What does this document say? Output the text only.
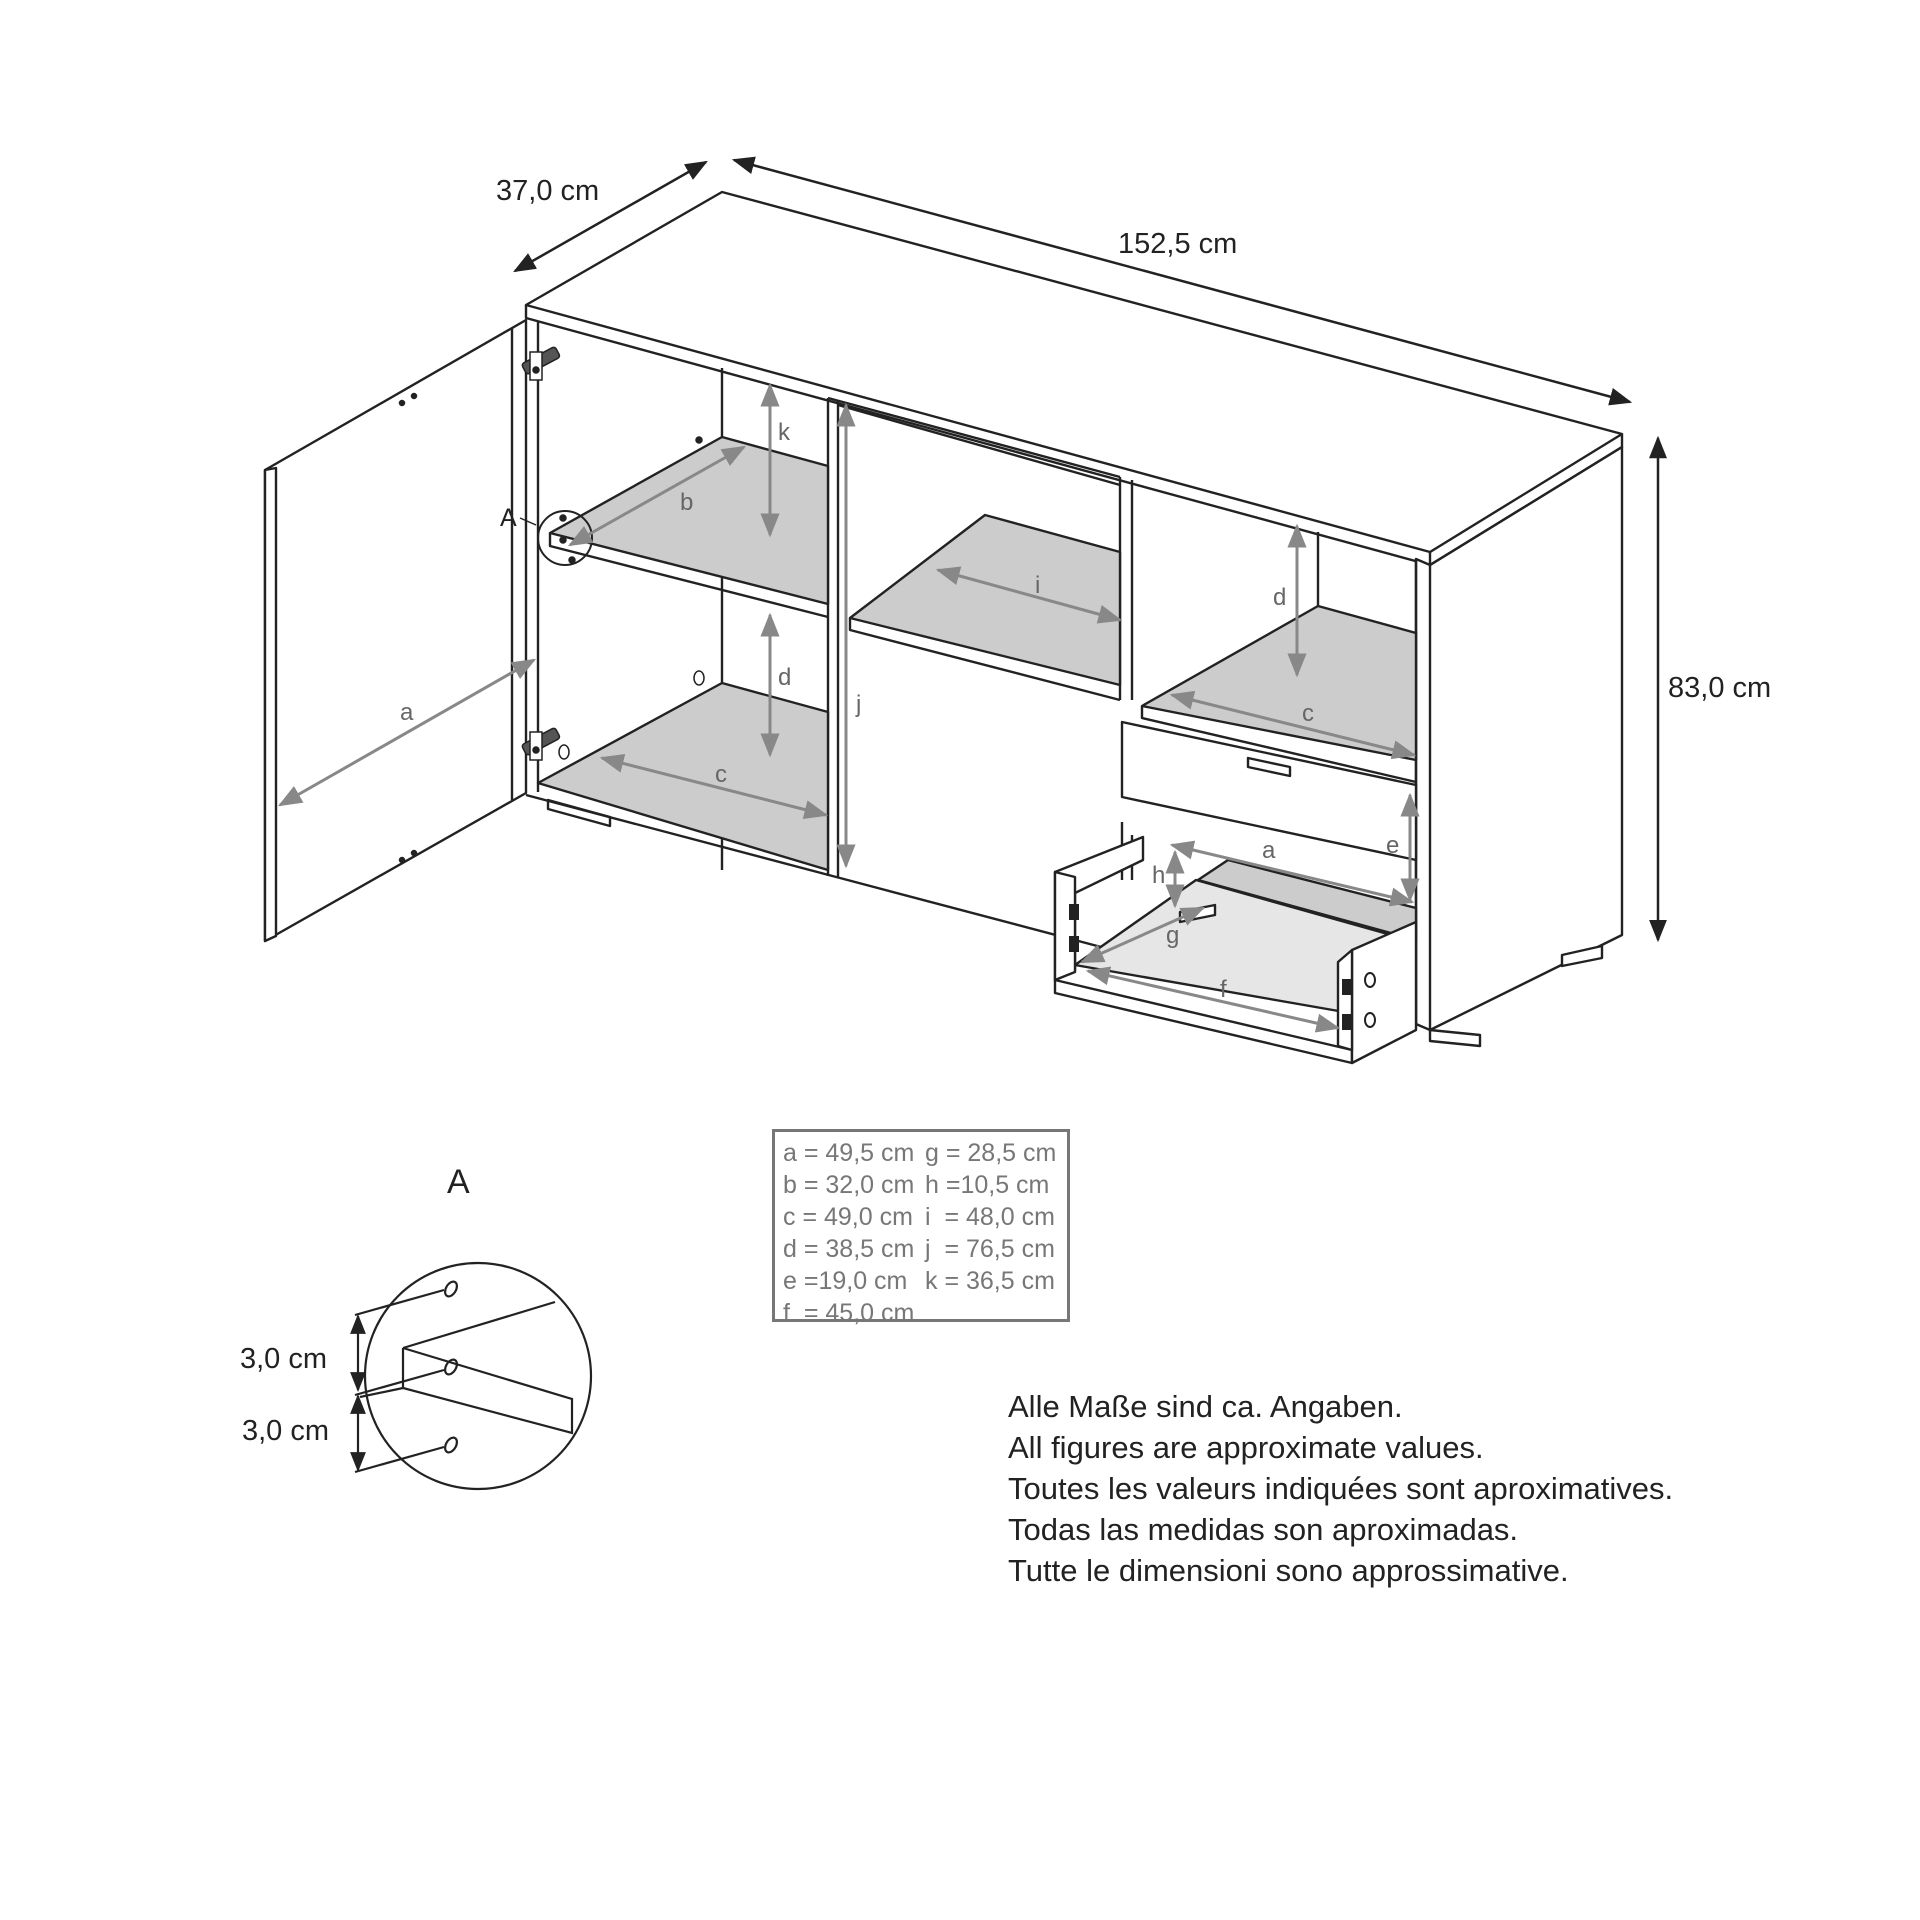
A
37,0 cm
152,5 cm
83,0 cm
a
b
k
d
c
j
i	d
c
e
a
h
g
f
A
3,0 cm
3,0 cm
a = 49,5 cm g = 28,5 cm
b = 32,0 cm h =10,5 cm
c = 49,0 cm i  = 48,0 cm
d = 38,5 cm j  = 76,5 cm
e =19,0 cm k = 36,5 cm
f  = 45,0 cm
Alle Maße sind ca. Angaben.
All figures are approximate values.
Toutes les valeurs indiquées sont aproximatives.
Todas las medidas son aproximadas.
Tutte le dimensioni sono approssimative.
